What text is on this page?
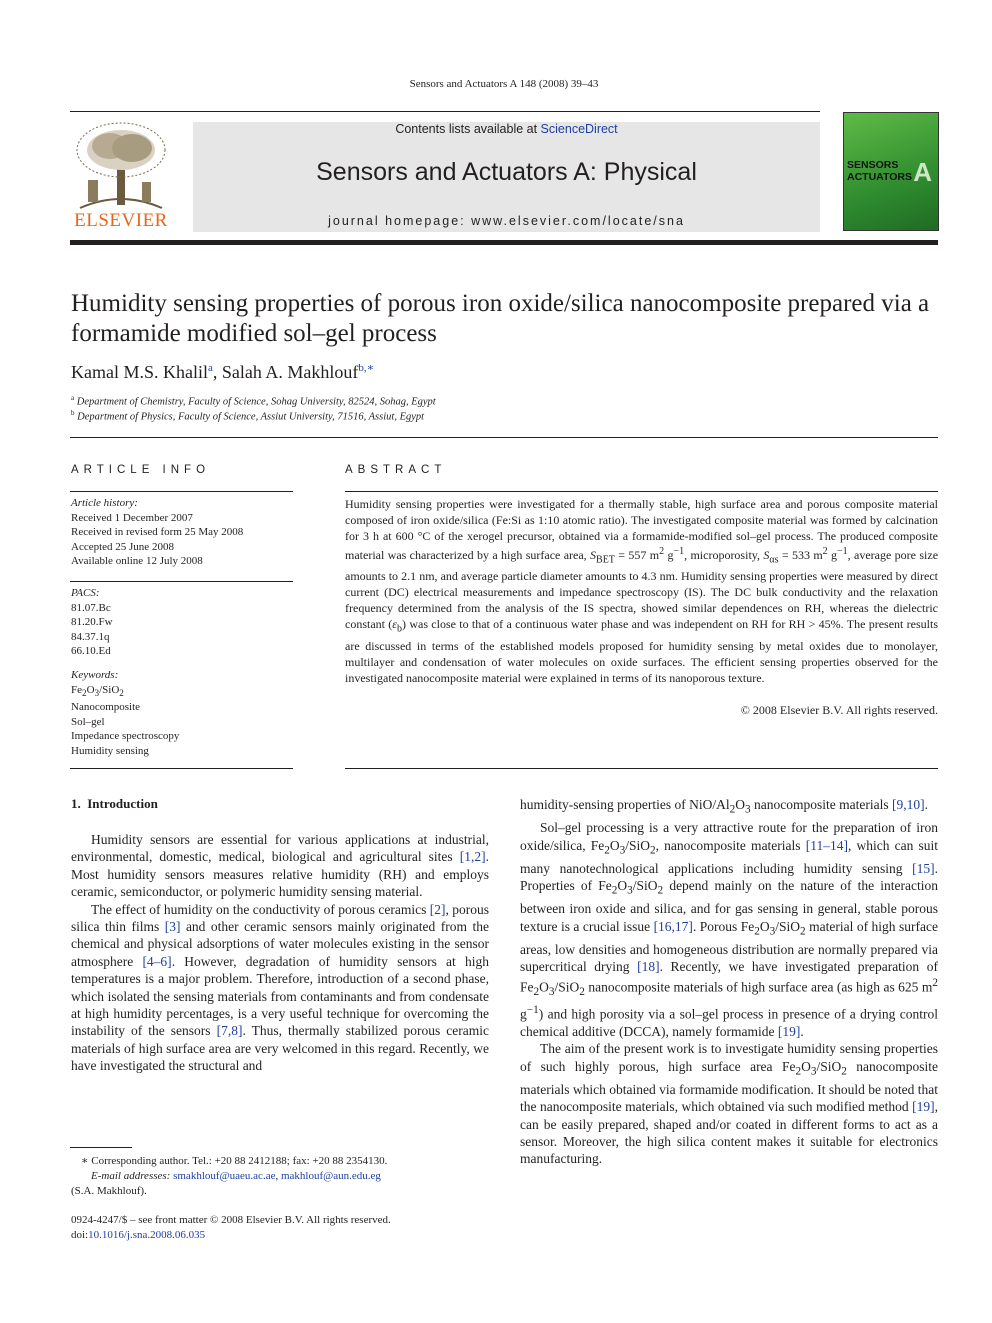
Sensors and Actuators A 148 (2008) 39–43
ELSEVIER
Contents lists available at ScienceDirect
Sensors and Actuators A: Physical
journal homepage: www.elsevier.com/locate/sna
SENSORS
ACTUATORS A
Humidity sensing properties of porous iron oxide/silica nanocomposite prepared via a formamide modified sol–gel process
Kamal M.S. Khalil$^a$, Salah A. Makhlouf$^{b,∗}$
$^a$ Department of Chemistry, Faculty of Science, Sohag University, 82524, Sohag, Egypt
$^b$ Department of Physics, Faculty of Science, Assiut University, 71516, Assiut, Egypt
ARTICLE INFO	ABSTRACT
Article history:
Received 1 December 2007
Received in revised form 25 May 2008
Accepted 25 June 2008
Available online 12 July 2008
PACS:
81.07.Bc
81.20.Fw
84.37.1q
66.10.Ed
Keywords:
$Fe_2O_3/SiO_2$
Nanocomposite
Sol–gel
Impedance spectroscopy
Humidity sensing
Humidity sensing properties were investigated for a thermally stable, high surface area and porous composite material composed of iron oxide/silica (Fe:Si as 1:10 atomic ratio). The investigated composite material was formed by calcination for 3 h at 600 °C of the xerogel precursor, obtained via a formamide-modified sol–gel process. The produced composite material was characterized by a high surface area, $S_{BET} = 557$ $m^2$ $g^{-1}$, microporosity, $S_{\alpha s} = 533$ $m^2$ $g^{-1}$, average pore size amounts to 2.1 nm, and average particle diameter amounts to 4.3 nm. Humidity sensing properties were measured by direct current (DC) electrical measurements and impedance spectroscopy (IS). The DC bulk conductivity and the relaxation frequency determined from the analysis of the IS spectra, showed similar dependences on RH, whereas the dielectric constant $(\varepsilon_b)$ was close to that of a continuous water phase and was independent on RH for RH > 45%. The present results are discussed in terms of the established models proposed for humidity sensing by metal oxides due to monolayer, multilayer and condensation of water molecules on oxide surfaces. The efficient sensing properties observed for the investigated nanocomposite material were explained in terms of its nanoporous texture.
© 2008 Elsevier B.V. All rights reserved.
1.  Introduction

Humidity sensors are essential for various applications at industrial, environmental, domestic, medical, biological and agricultural sites [1,2]. Most humidity sensors measures relative humidity (RH) and employs ceramic, semiconductor, or polymeric humidity sensing material.

The effect of humidity on the conductivity of porous ceramics [2], porous silica thin films [3] and other ceramic sensors mainly originated from the chemical and physical adsorptions of water molecules existing in the sensor atmosphere [4–6]. However, degradation of humidity sensors at high temperatures is a major problem. Therefore, introduction of a second phase, which isolated the sensing materials from contaminants and from condensate at high humidity percentages, is a very useful technique for overcoming the instability of the sensors [7,8]. Thus, thermally stabilized porous ceramic materials of high surface area are very welcomed in this regard. Recently, we have investigated the structural and

humidity-sensing properties of NiO/$Al_2O_3$ nanocomposite materials [9,10].

Sol–gel processing is a very attractive route for the preparation of iron oxide/silica, $Fe_2O_3/SiO_2$, nanocomposite materials [11–14], which can suit many nanotechnological applications including humidity sensing [15]. Properties of $Fe_2O_3/SiO_2$ depend mainly on the nature of the interaction between iron oxide and silica, and for gas sensing in general, stable porous texture is a crucial issue [16,17]. Porous $Fe_2O_3/SiO_2$ material of high surface areas, low densities and homogeneous distribution are normally prepared via supercritical drying [18]. Recently, we have investigated preparation of $Fe_2O_3/SiO_2$ nanocomposite materials of high surface area (as high as 625 $m^2$ $g^{-1}$) and high porosity via a sol–gel process in presence of a drying control chemical additive (DCCA), namely formamide [19].

The aim of the present work is to investigate humidity sensing properties of such highly porous, high surface area $Fe_2O_3/SiO_2$ nanocomposite materials which obtained via formamide modification. It should be noted that the nanocomposite materials, which obtained via such modified method [19], can be easily prepared, shaped and/or coated in different forms to act as a sensor. Moreover, the high silica content makes it suitable for electronics manufacturing.

∗ Corresponding author. Tel.: +20 88 2412188; fax: +20 88 2354130.
E-mail addresses: smakhlouf@uaeu.ac.ae, makhlouf@aun.edu.eg
(S.A. Makhlouf).
0924-4247/$ – see front matter © 2008 Elsevier B.V. All rights reserved.
doi:10.1016/j.sna.2008.06.035
